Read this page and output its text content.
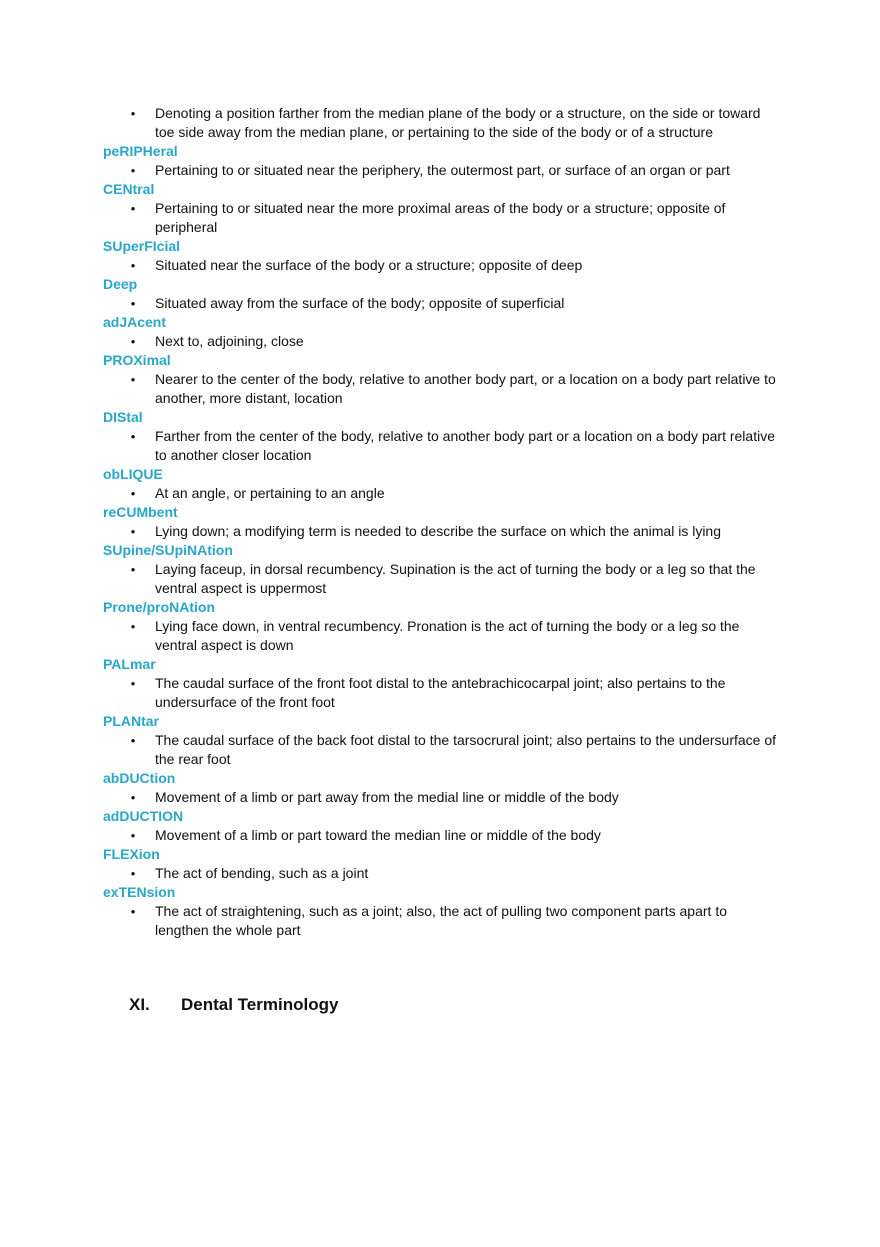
• Denoting a position farther from the median plane of the body or a structure, on the side or toward toe side away from the median plane, or pertaining to the side of the body or of a structure
peRIPHeral
• Pertaining to or situated near the periphery, the outermost part, or surface of an organ or part
CENtral
• Pertaining to or situated near the more proximal areas of the body or a structure; opposite of peripheral
SUperFIcial
• Situated near the surface of the body or a structure; opposite of deep
Deep
• Situated away from the surface of the body; opposite of superficial
adJAcent
• Next to, adjoining, close
PROXimal
• Nearer to the center of the body, relative to another body part, or a location on a body part relative to another, more distant, location
DIStal
• Farther from the center of the body, relative to another body part or a location on a body part relative to another closer location
obLIQUE
• At an angle, or pertaining to an angle
reCUMbent
• Lying down; a modifying term is needed to describe the surface on which the animal is lying
SUpine/SUpiNAtion
• Laying faceup, in dorsal recumbency. Supination is the act of turning the body or a leg so that the ventral aspect is uppermost
Prone/proNAtion
• Lying face down, in ventral recumbency. Pronation is the act of turning the body or a leg so the ventral aspect is down
PALmar
• The caudal surface of the front foot distal to the antebrachicocarpal joint; also pertains to the undersurface of the front foot
PLANtar
• The caudal surface of the back foot distal to the tarsocrural joint; also pertains to the undersurface of the rear foot
abDUCtion
• Movement of a limb or part away from the medial line or middle of the body
adDUCTION
• Movement of a limb or part toward the median line or middle of the body
FLEXion
• The act of bending, such as a joint
exTENsion
• The act of straightening, such as a joint; also, the act of pulling two component parts apart to lengthen the whole part
XI. Dental Terminology
